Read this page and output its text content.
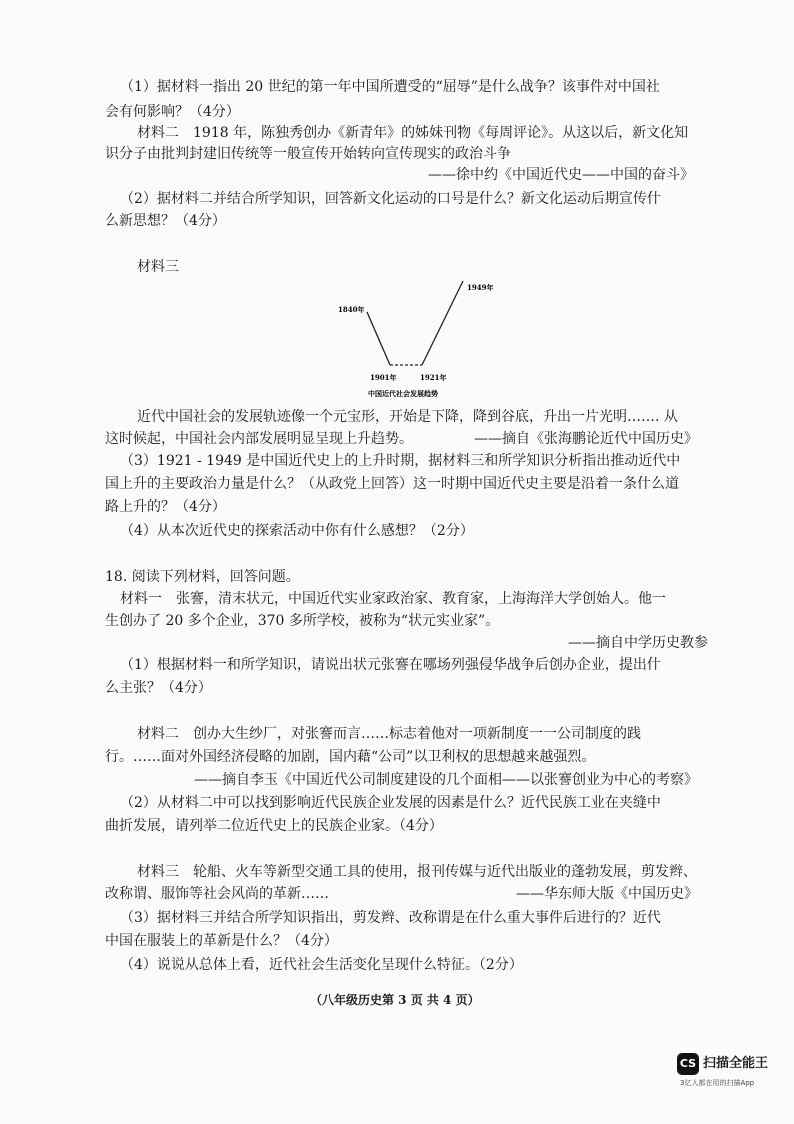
（1）据材料一指出 20 世纪的第一年中国所遭受的“屈辱”是什么战争？该事件对中国社
会有何影响？（4分）
材料二　1918 年，陈独秀创办《新青年》的姊妹刊物《每周评论》。从这以后，新文化知
识分子由批判封建旧传统等一般宣传开始转向宣传现实的政治斗争
——徐中约《中国近代史——中国的奋斗》
（2）据材料二并结合所学知识，回答新文化运动的口号是什么？新文化运动后期宣传什
么新思想？（4分）
材料三
1840年
1901年	1921年
1949年
中国近代社会发展趋势
近代中国社会的发展轨迹像一个元宝形，开始是下降，降到谷底，升出一片光明……. 从
这时候起，中国社会内部发展明显呈现上升趋势。	——摘自《张海鹏论近代中国历史》
（3）1921 - 1949 是中国近代史上的上升时期，据材料三和所学知识分析指出推动近代中
国上升的主要政治力量是什么？（从政党上回答）这一时期中国近代史主要是沿着一条什么道
路上升的？（4分）
（4）从本次近代史的探索活动中你有什么感想？（2分）
18. 阅读下列材料，回答问题。
材料一　张謇，清末状元，中国近代实业家政治家、教育家，上海海洋大学创始人。他一
生创办了 20 多个企业，370 多所学校，被称为“状元实业家”。
——摘自中学历史教参
（1）根据材料一和所学知识，请说出状元张謇在哪场列强侵华战争后创办企业，提出什
么主张？（4分）
材料二　创办大生纱厂，对张謇而言……标志着他对一项新制度一一公司制度的践
行。……面对外国经济侵略的加剧，国内藉“公司”以卫利权的思想越来越强烈。
——摘自李玉《中国近代公司制度建设的几个面相——以张謇创业为中心的考察》
（2）从材料二中可以找到影响近代民族企业发展的因素是什么？近代民族工业在夹缝中
曲折发展，请列举二位近代史上的民族企业家。（4分）
材料三　轮船、火车等新型交通工具的使用，报刊传媒与近代出版业的蓬勃发展，剪发辫、
改称谓、服饰等社会风尚的革新……	——华东师大版《中国历史》
（3）据材料三并结合所学知识指出，剪发辫、改称谓是在什么重大事件后进行的？近代
中国在服装上的革新是什么？（4分）
（4）说说从总体上看，近代社会生活变化呈现什么特征。（2分）
（八年级历史第 3 页 共 4 页）
CS 扫描全能王
3亿人都在用的扫描App
